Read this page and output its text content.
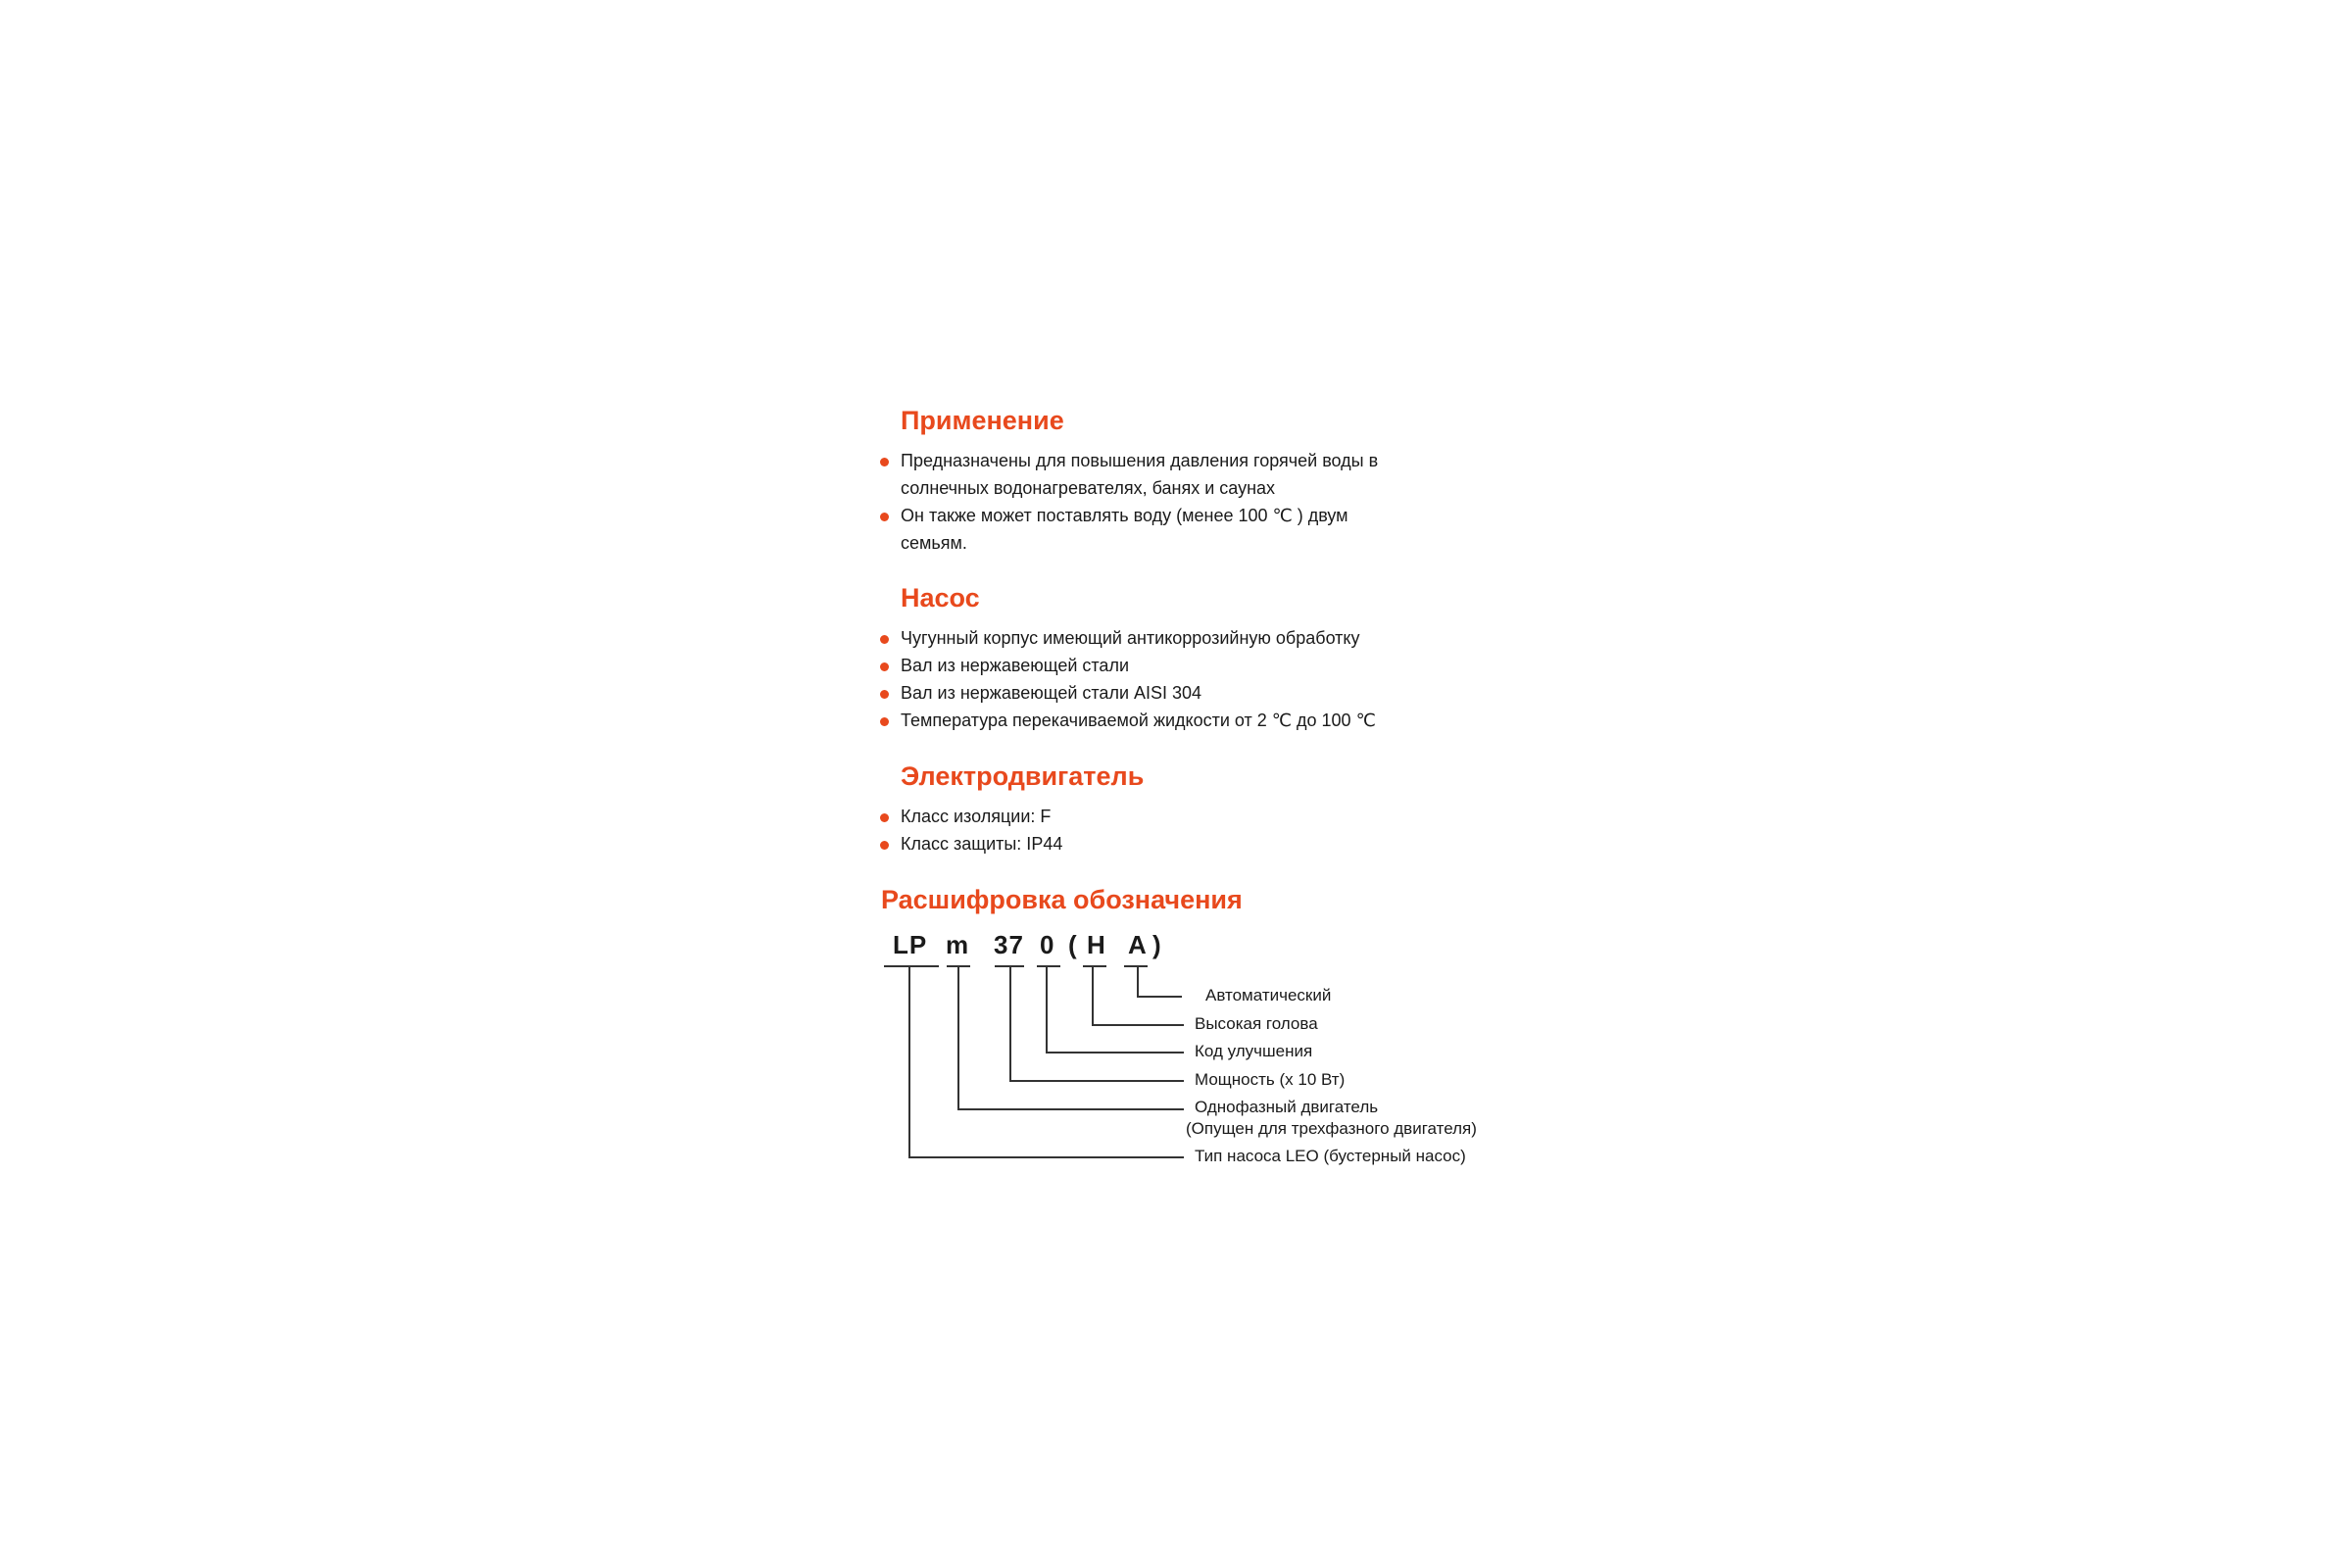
Применение

Предназначены для повышения давления горячей воды в

солнечных водонагревателях, банях и саунах

Он также может поставлять воду (менее 100 ℃ ) двум

семьям.

Насос

Чугунный корпус имеющий антикоррозийную обработку

Вал из нержавеющей стали

Вал из нержавеющей стали AISI 304

Температура перекачиваемой жидкости от 2 ℃ до 100 ℃

Электродвигатель

Класс изоляции: F

Класс защиты: IP44

Расшифровка обозначения
LP m 37 0 ( H A )
Автоматический
Высокая голова
Код улучшения
Мощность (х 10 Вт)
Однофазный двигатель
(Опущен для трехфазного двигателя)
Тип насоса LEO (бустерный насос)
